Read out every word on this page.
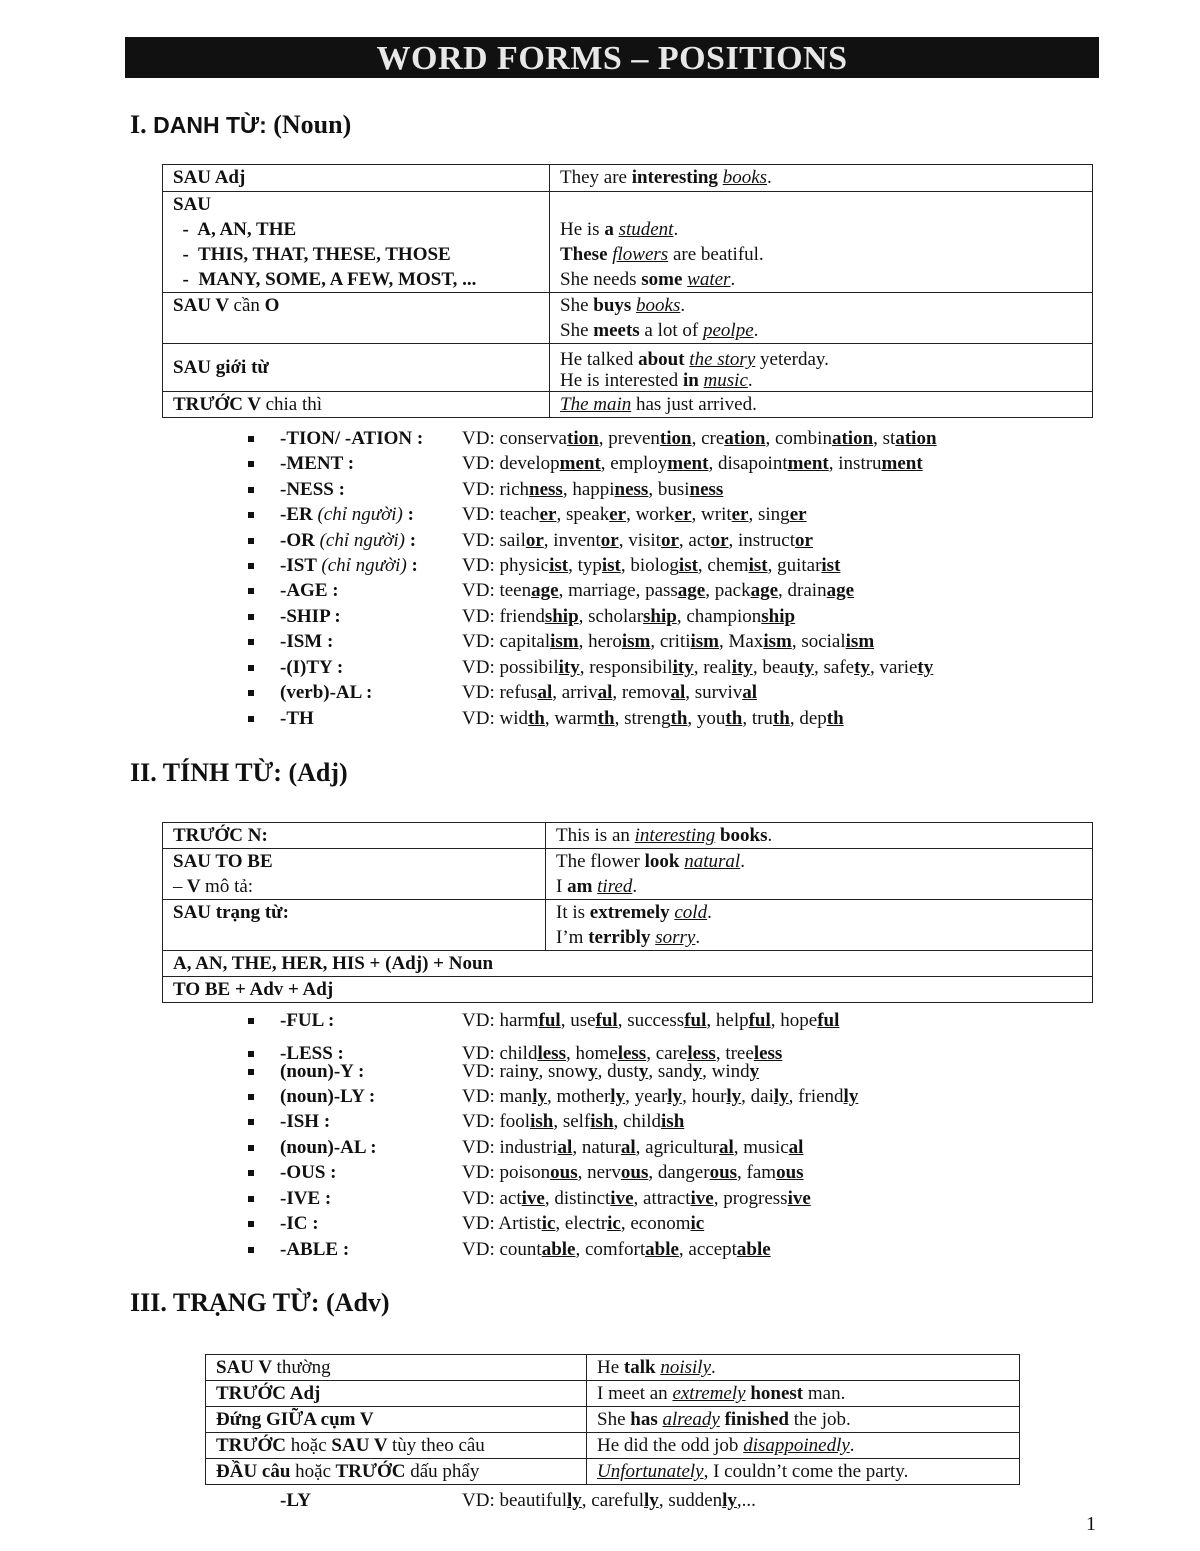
WORD FORMS – POSITIONS
I. DANH TỪ: (Noun)
SAU Adj	They are interesting books.
SAU
-  A, AN, THE
-  THIS, THAT, THESE, THOSE
-  MANY, SOME, A FEW, MOST, ...	He is a student.
These flowers are beatiful.
She needs some water.
SAU V cần O	She buys books.
She meets a lot of peolpe.
SAU giới từ	He talked about the story yeterday.
He is interested in music.
TRƯỚC V chia thì	The main has just arrived.
-TION/ -ATION : VD: conservation, prevention, creation, combination, station
-MENT :	VD: development, employment, disapointment, instrument
-NESS :	VD: richness, happiness, business
-ER (chỉ người) :	VD: teacher, speaker, worker, writer, singer
-OR (chỉ người) : VD: sailor, inventor, visitor, actor, instructor
-IST (chỉ người) : VD: physicist, typist, biologist, chemist, guitarist
-AGE :	VD: teenage, marriage, passage, package, drainage
-SHIP :	VD: friendship, scholarship, championship
-ISM :	VD: capitalism, heroism, critiism, Maxism, socialism
-(I)TY :	VD: possibility, responsibility, reality, beauty, safety, variety
(verb)-AL :	VD: refusal, arrival, removal, survival
-TH	VD: width, warmth, strength, youth, truth, depth
II. TÍNH TỪ: (Adj)
TRƯỚC N:	This is an interesting books.
SAU TO BE
– V mô tả:	The flower look natural.
I am tired.
SAU trạng từ:	It is extremely cold.
I’m terribly sorry.
A, AN, THE, HER, HIS + (Adj) + Noun	
TO BE + Adv + Adj	
-FUL :	VD: harmful, useful, successful, helpful, hopeful
-LESS :	VD: childless, homeless, careless, treeless
(noun)-Y :	VD: rainy, snowy, dusty, sandy, windy
(noun)-LY :	VD: manly, motherly, yearly, hourly, daily, friendly
-ISH :	VD: foolish, selfish, childish
(noun)-AL :	VD: industrial, natural, agricultural, musical
-OUS :	VD: poisonous, nervous, dangerous, famous
-IVE :	VD: active, distinctive, attractive, progressive
-IC :	VD: Artistic, electric, economic
-ABLE :	VD: countable, comfortable, acceptable
III. TRẠNG TỪ: (Adv)
SAU V thường	He talk noisily.
TRƯỚC Adj	I meet an extremely honest man.
Đứng GIỮA cụm V	She has already finished the job.
TRƯỚC hoặc SAU V tùy theo câu	He did the odd job disappoinedly.
ĐẦU câu hoặc TRƯỚC dấu phẩy	Unfortunately, I couldn’t come the party.
-LY	VD: beautifully, carefully, suddenly,...
1
